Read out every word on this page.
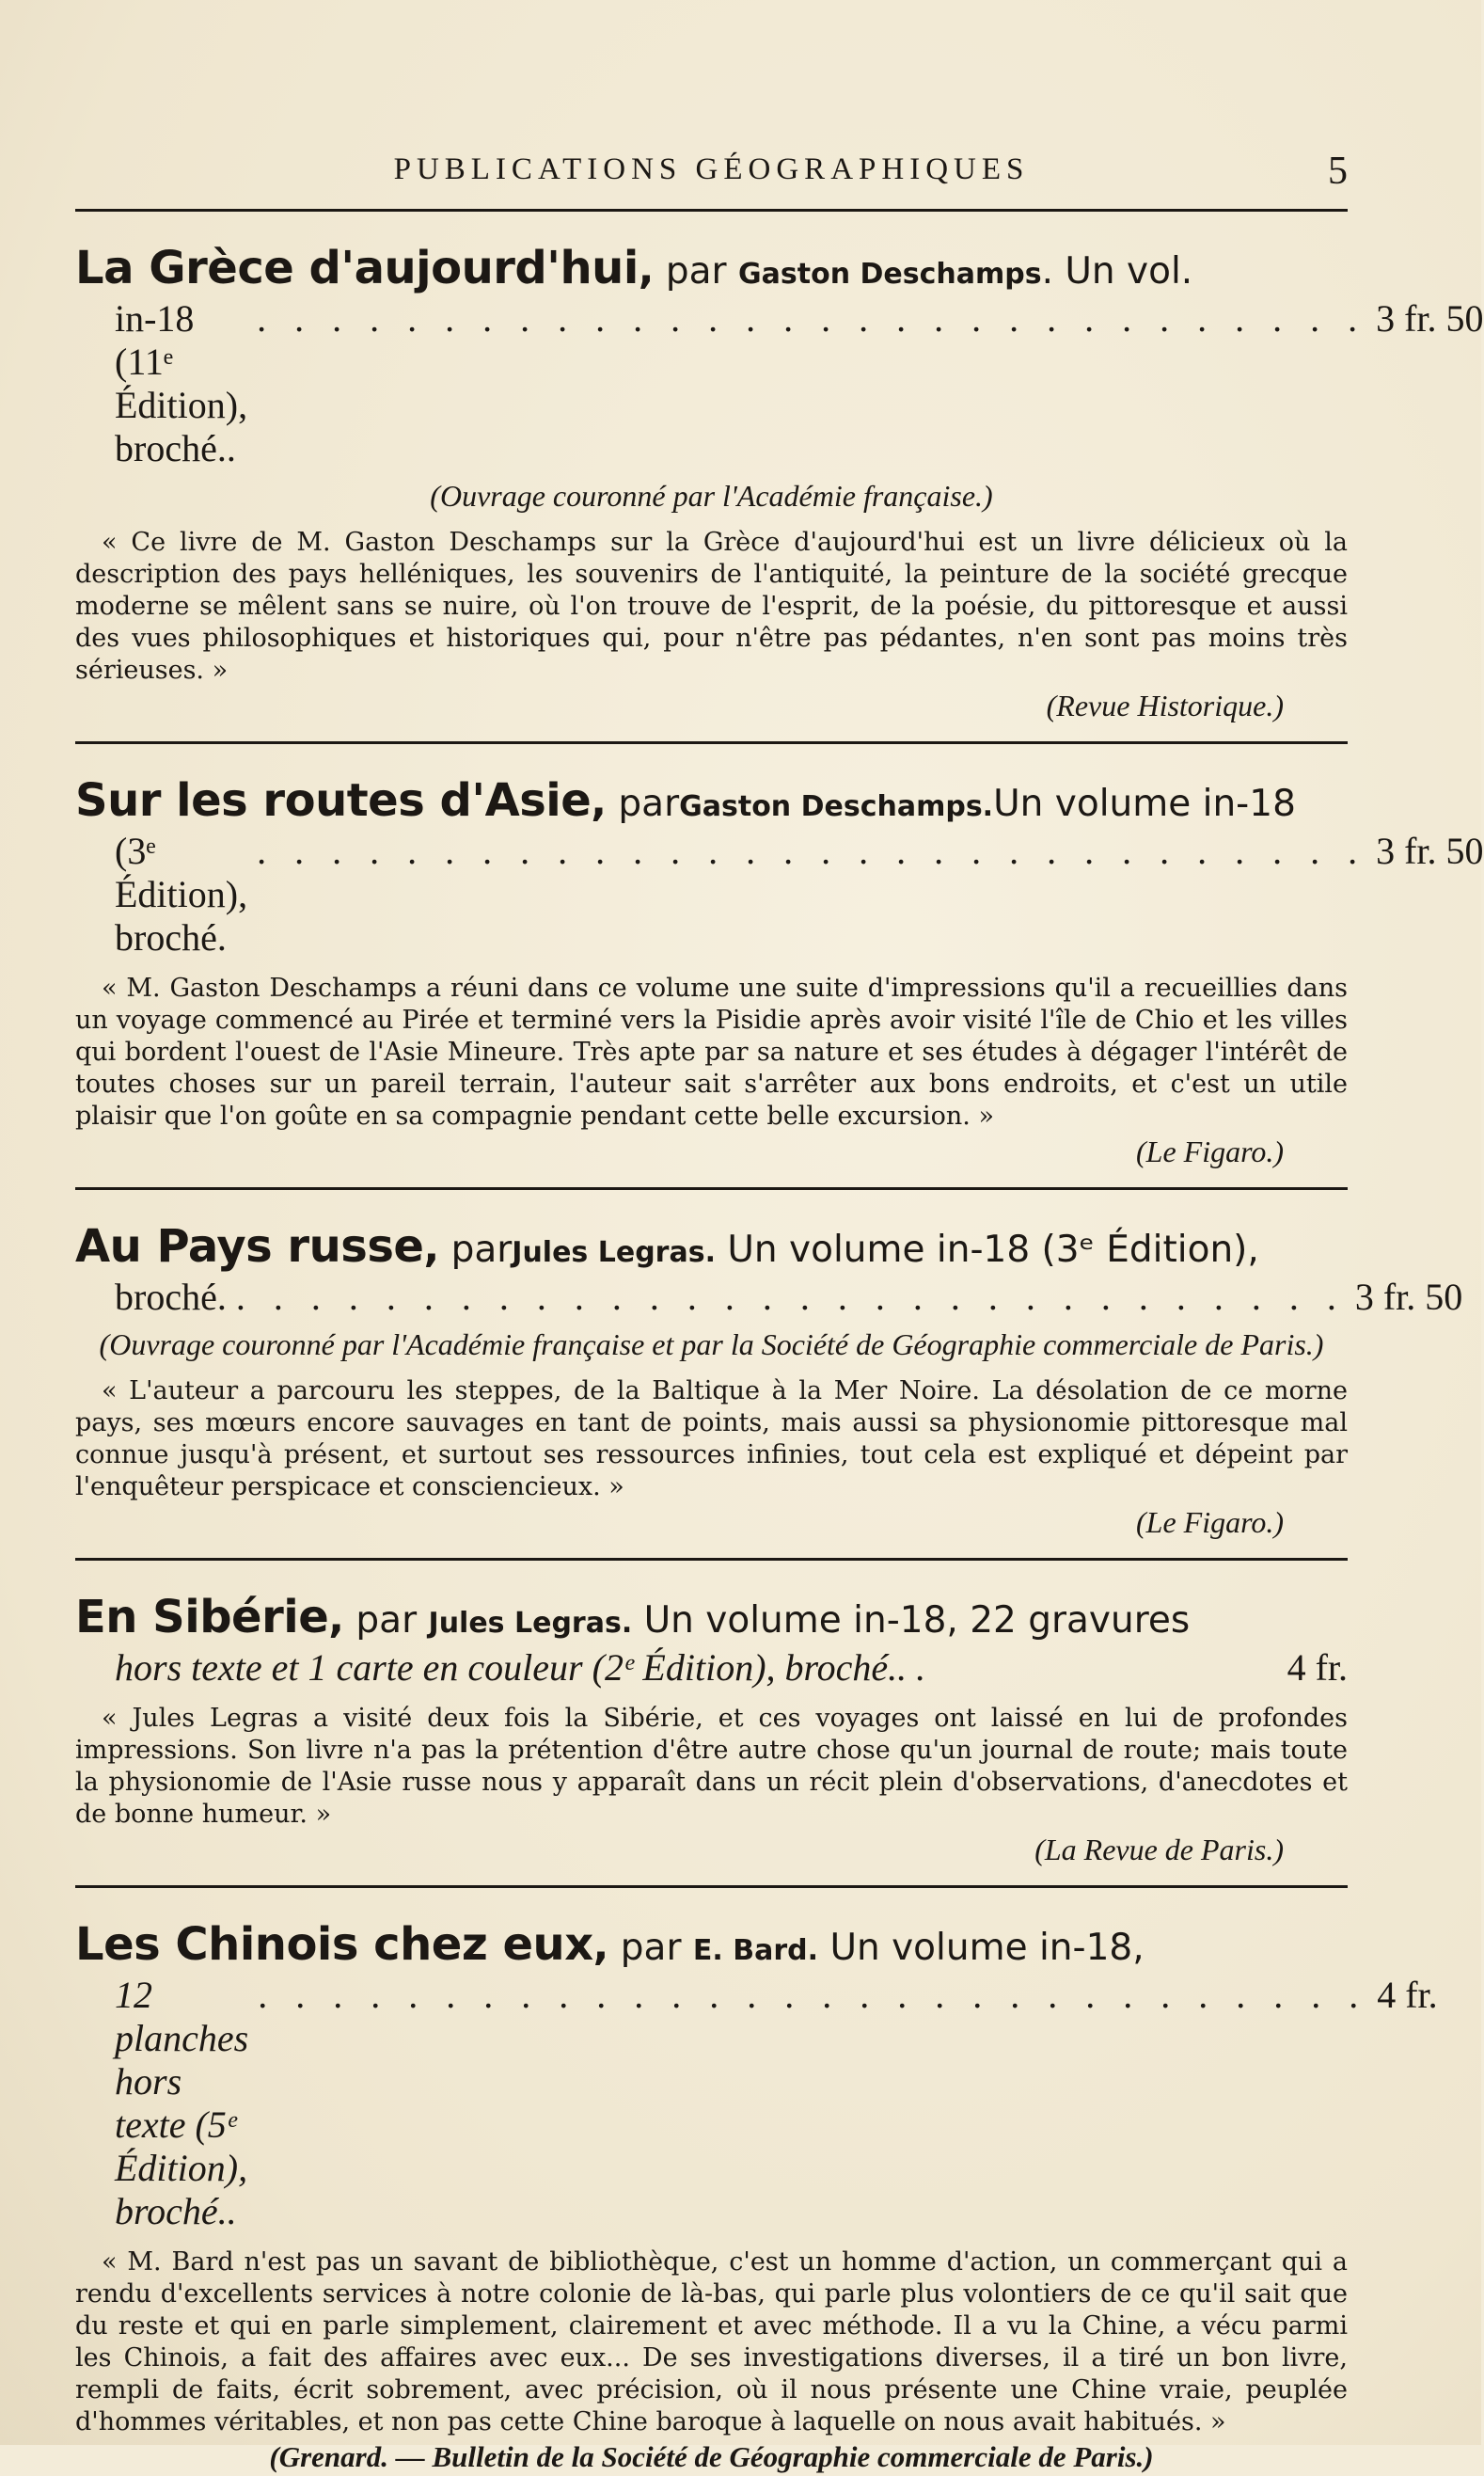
PUBLICATIONS GÉOGRAPHIQUES	5
La Grèce d'aujourd'hui, par Gaston Deschamps. Un vol.
in-18 (11ᵉ Édition), broché..
. . . . . . . . . . . . . . . . . . . . . . . . . . . . . . 3 fr. 50
(Ouvrage couronné par l'Académie française.)
« Ce livre de M. Gaston Deschamps sur la Grèce d'aujourd'hui est un livre délicieux où la description des pays helléniques, les souvenirs de l'antiquité, la peinture de la société grecque moderne se mêlent sans se nuire, où l'on trouve de l'esprit, de la poésie, du pittoresque et aussi des vues philosophiques et historiques qui, pour n'être pas pédantes, n'en sont pas moins très sérieuses. »
(Revue Historique.)
Sur les routes d'Asie, parGaston Deschamps.Un volume in-18
(3ᵉ Édition), broché.
. . . . . . . . . . . . . . . . . . . . . . . . . . . . . . 3 fr. 50
« M. Gaston Deschamps a réuni dans ce volume une suite d'impressions qu'il a recueillies dans un voyage commencé au Pirée et terminé vers la Pisidie après avoir visité l'île de Chio et les villes qui bordent l'ouest de l'Asie Mineure. Très apte par sa nature et ses études à dégager l'intérêt de toutes choses sur un pareil terrain, l'auteur sait s'arrêter aux bons endroits, et c'est un utile plaisir que l'on goûte en sa compagnie pendant cette belle excursion. »
(Le Figaro.)
Au Pays russe, parJules Legras. Un volume in-18 (3ᵉ Édition),
broché. . . . . . . . . . . . . . . . . . . . . . . . . . . . . . . 3 fr. 50
(Ouvrage couronné par l'Académie française et par la Société de Géographie commerciale de Paris.)
« L'auteur a parcouru les steppes, de la Baltique à la Mer Noire. La désolation de ce morne pays, ses mœurs encore sauvages en tant de points, mais aussi sa physionomie pittoresque mal connue jusqu'à présent, et surtout ses ressources infinies, tout cela est expliqué et dépeint par l'enquêteur perspicace et consciencieux. »
(Le Figaro.)
En Sibérie, par Jules Legras. Un volume in-18, 22 gravures
hors texte et 1 carte en couleur (2ᵉ Édition), broché.. .	4 fr.
« Jules Legras a visité deux fois la Sibérie, et ces voyages ont laissé en lui de profondes impressions. Son livre n'a pas la prétention d'être autre chose qu'un journal de route; mais toute la physionomie de l'Asie russe nous y apparaît dans un récit plein d'observations, d'anecdotes et de bonne humeur. »
(La Revue de Paris.)
Les Chinois chez eux, par E. Bard. Un volume in-18,
12 planches hors texte (5ᵉ Édition), broché..
. . . . . . . . . . . . . . . . . . . . . . . . . . . . . . 4 fr.
« M. Bard n'est pas un savant de bibliothèque, c'est un homme d'action, un commerçant qui a rendu d'excellents services à notre colonie de là-bas, qui parle plus volontiers de ce qu'il sait que du reste et qui en parle simplement, clairement et avec méthode. Il a vu la Chine, a vécu parmi les Chinois, a fait des affaires avec eux... De ses investigations diverses, il a tiré un bon livre, rempli de faits, écrit sobrement, avec précision, où il nous présente une Chine vraie, peuplée d'hommes véritables, et non pas cette Chine baroque à laquelle on nous avait habitués. »
(Grenard. — Bulletin de la Société de Géographie commerciale de Paris.)
